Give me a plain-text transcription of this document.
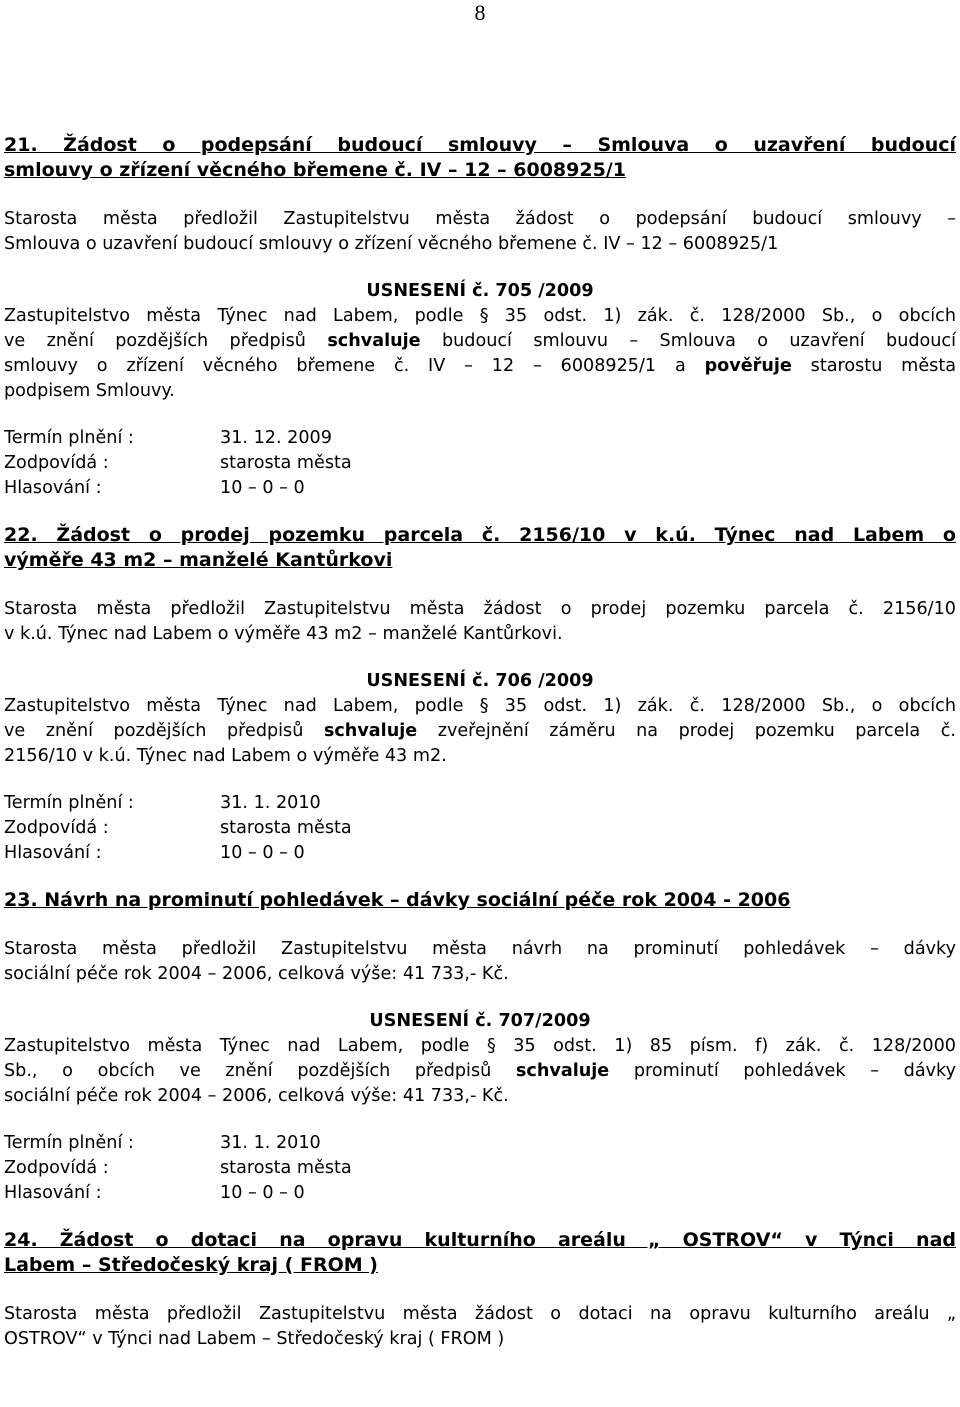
8
21. Žádost o podepsání budoucí smlouvy – Smlouva o uzavření budoucí
smlouvy o zřízení věcného břemene č. IV – 12 – 6008925/1

Starosta města předložil Zastupitelstvu města žádost o podepsání budoucí smlouvy –

Smlouva o uzavření budoucí smlouvy o zřízení věcného břemene č. IV – 12 – 6008925/1

USNESENÍ č. 705 /2009

Zastupitelstvo města Týnec nad Labem, podle § 35 odst. 1) zák. č. 128/2000 Sb., o obcích

ve znění pozdějších předpisů schvaluje budoucí smlouvu – Smlouva o uzavření budoucí

smlouvy o zřízení věcného břemene č. IV – 12 – 6008925/1 a pověřuje starostu města

podpisem Smlouvy.

Termín plnění :	31. 12. 2009
Zodpovídá :	starosta města
Hlasování :	10 – 0 – 0
22. Žádost o prodej pozemku parcela č. 2156/10 v k.ú. Týnec nad Labem o
výměře 43 m2 – manželé Kantůrkovi

Starosta města předložil Zastupitelstvu města žádost o prodej pozemku parcela č. 2156/10

v k.ú. Týnec nad Labem o výměře 43 m2 – manželé Kantůrkovi.

USNESENÍ č. 706 /2009

Zastupitelstvo města Týnec nad Labem, podle § 35 odst. 1) zák. č. 128/2000 Sb., o obcích

ve znění pozdějších předpisů schvaluje zveřejnění záměru na prodej pozemku parcela č.

2156/10 v k.ú. Týnec nad Labem o výměře 43 m2.

Termín plnění :	31. 1. 2010
Zodpovídá :	starosta města
Hlasování :	10 – 0 – 0
23. Návrh na prominutí pohledávek – dávky sociální péče rok 2004 - 2006

Starosta města předložil Zastupitelstvu města návrh na prominutí pohledávek – dávky

sociální péče rok 2004 – 2006, celková výše: 41 733,- Kč.

USNESENÍ č. 707/2009

Zastupitelstvo města Týnec nad Labem, podle § 35 odst. 1) 85 písm. f) zák. č. 128/2000

Sb., o obcích ve znění pozdějších předpisů schvaluje prominutí pohledávek – dávky

sociální péče rok 2004 – 2006, celková výše: 41 733,- Kč.

Termín plnění :	31. 1. 2010
Zodpovídá :	starosta města
Hlasování :	10 – 0 – 0
24. Žádost o dotaci na opravu kulturního areálu „ OSTROV“ v Týnci nad
Labem – Středočeský kraj ( FROM )

Starosta města předložil Zastupitelstvu města žádost o dotaci na opravu kulturního areálu „

OSTROV“ v Týnci nad Labem – Středočeský kraj ( FROM )
